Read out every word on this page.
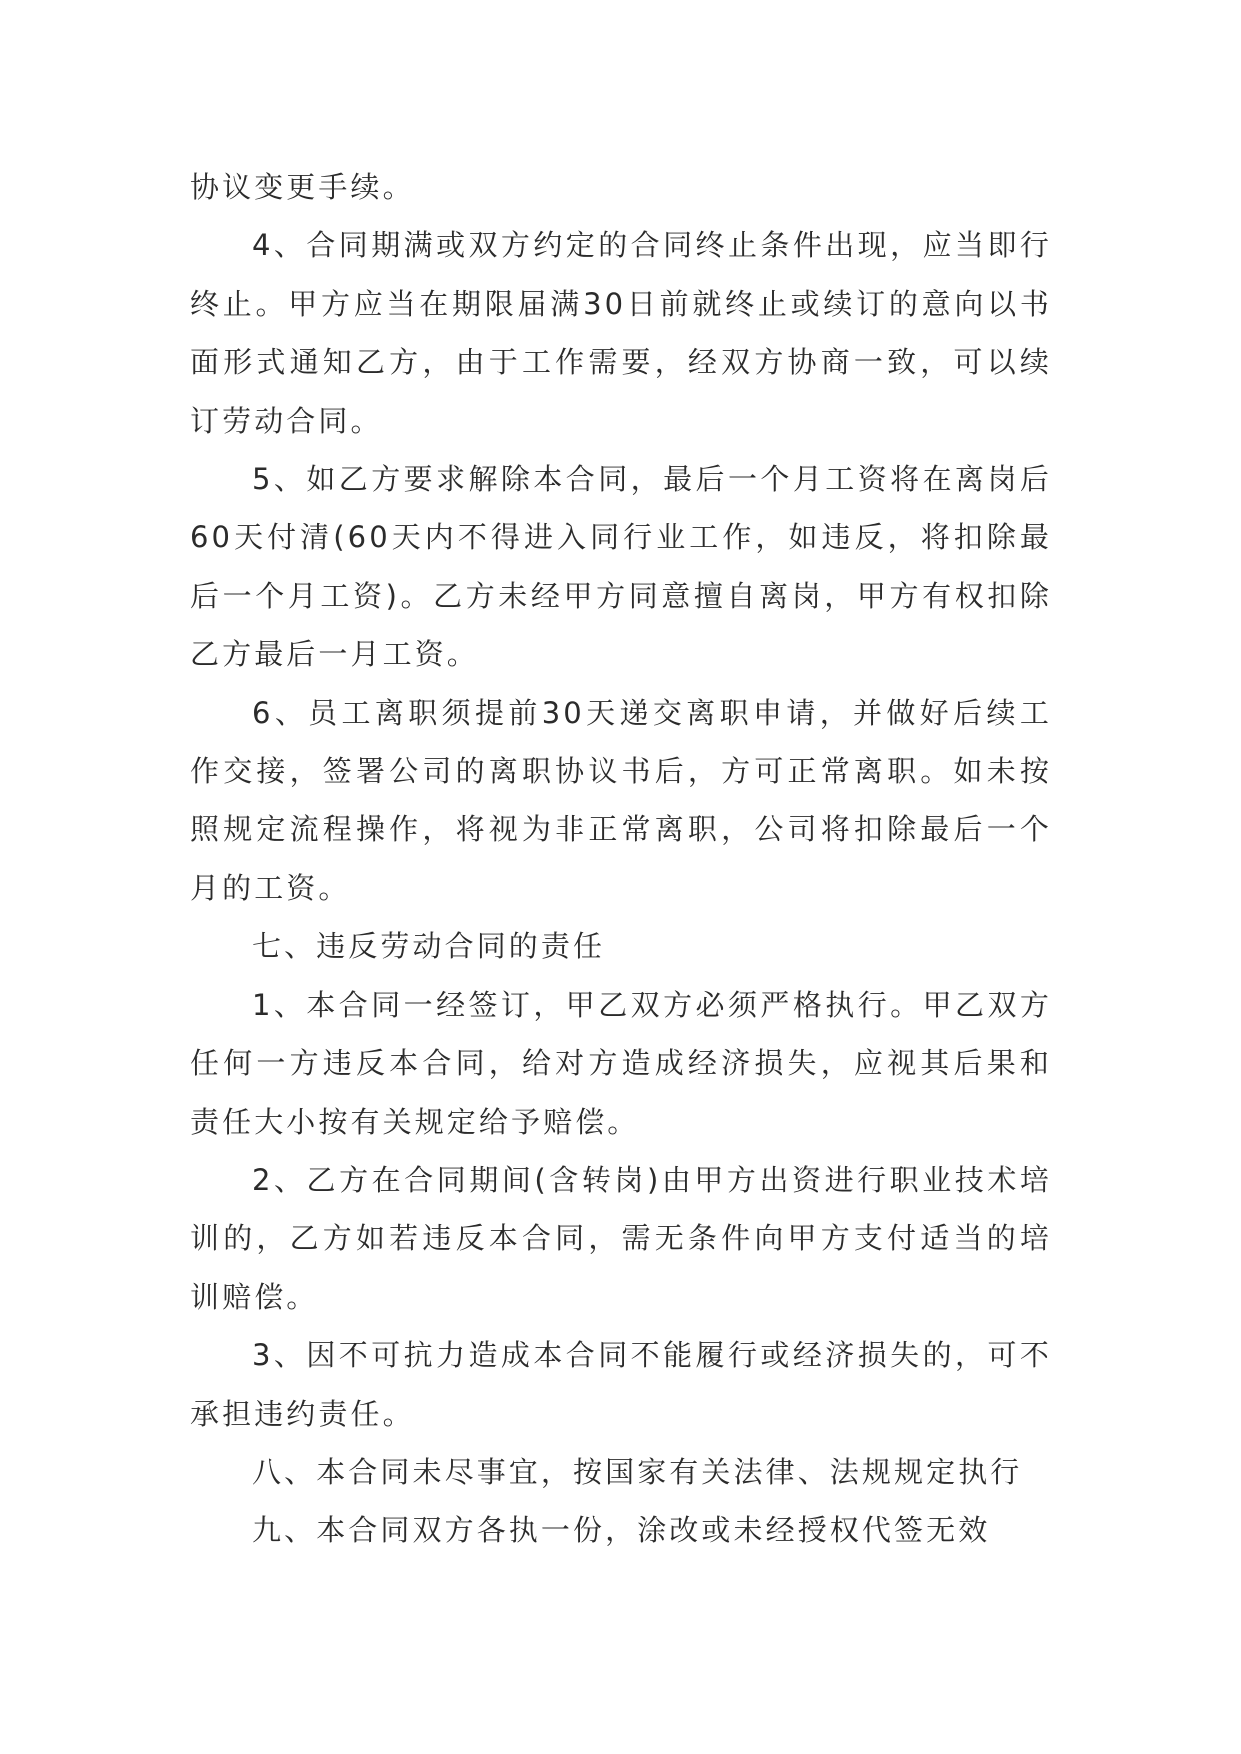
协议变更手续。

4、合同期满或双方约定的合同终止条件出现，应当即行终止。甲方应当在期限届满30日前就终止或续订的意向以书面形式通知乙方，由于工作需要，经双方协商一致，可以续订劳动合同。

5、如乙方要求解除本合同，最后一个月工资将在离岗后60天付清(60天内不得进入同行业工作，如违反，将扣除最后一个月工资)。乙方未经甲方同意擅自离岗，甲方有权扣除乙方最后一月工资。

6、员工离职须提前30天递交离职申请，并做好后续工作交接，签署公司的离职协议书后，方可正常离职。如未按照规定流程操作，将视为非正常离职，公司将扣除最后一个月的工资。

七、违反劳动合同的责任

1、本合同一经签订，甲乙双方必须严格执行。甲乙双方任何一方违反本合同，给对方造成经济损失，应视其后果和责任大小按有关规定给予赔偿。

2、乙方在合同期间(含转岗)由甲方出资进行职业技术培训的，乙方如若违反本合同，需无条件向甲方支付适当的培训赔偿。

3、因不可抗力造成本合同不能履行或经济损失的，可不承担违约责任。

八、本合同未尽事宜，按国家有关法律、法规规定执行

九、本合同双方各执一份，涂改或未经授权代签无效
